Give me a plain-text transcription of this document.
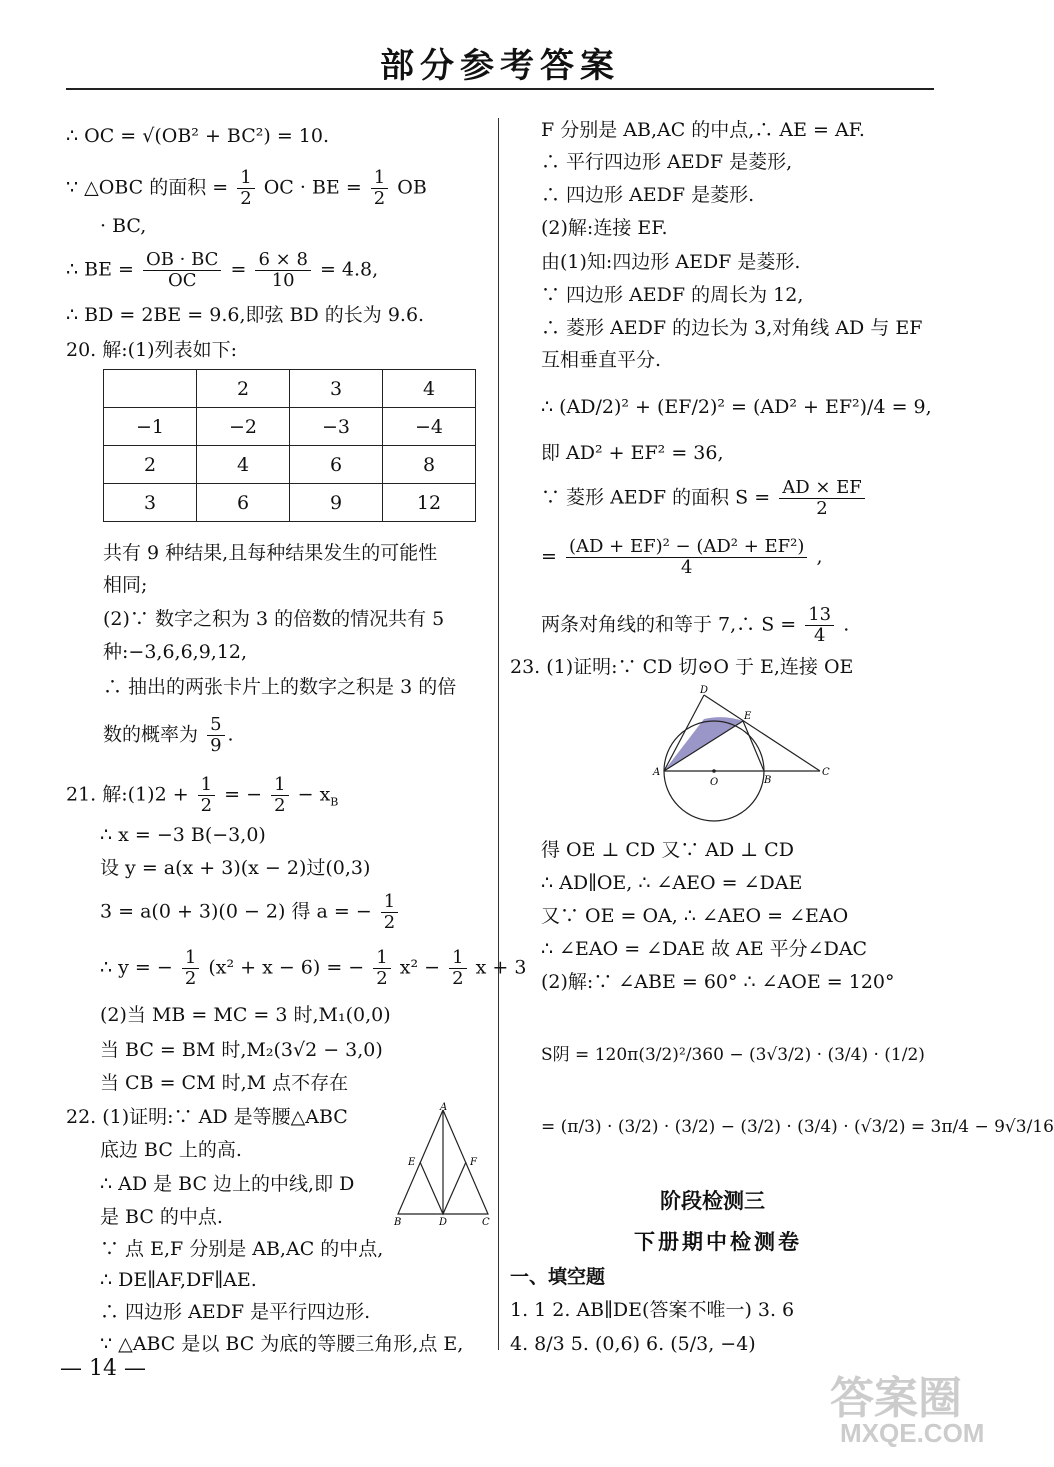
部分参考答案
∴ OC = √(OB² + BC²) = 10.
∵ △OBC 的面积 = $\frac{1}{2}$ OC · BE = $\frac{1}{2}$ OB
· BC,
∴ BE = $\frac{OB \cdot BC}{OC} = \frac{6 \times 8}{10} = 4.8$,
∴ BD = 2BE = 9.6,即弦 BD 的长为 9.6.
20. 解:(1)列表如下:
	2	3	4
−1	−2	−3	−4
2	4	6	8
3	6	9	12
共有 9 种结果,且每种结果发生的可能性
相同;
(2)∵ 数字之积为 3 的倍数的情况共有 5
种:−3,6,6,9,12,
∴ 抽出的两张卡片上的数字之积是 3 的倍
数的概率为 $\frac{5}{9}$ .
21. 解:(1)2 + $\frac{1}{2}$ = − $\frac{1}{2} - x_B$
∴ x = −3 B(−3,0)
设 y = a(x + 3)(x − 2)过(0,3)
3 = a(0 + 3)(0 − 2) 得 a = − $\frac{1}{2}$
∴ y = − $\frac{1}{2} (x^2 + x - 6)$ = − $\frac{1}{2} x^2 - \frac{1}{2}$ x + 3
(2)当 MB = MC = 3 时,M₁(0,0)
当 BC = BM 时,M₂(3√2 − 3,0)
当 CB = CM 时,M 点不存在
22. (1)证明:∵ AD 是等腰△ABC
底边 BC 上的高.
∴ AD 是 BC 边上的中线,即 D
是 BC 的中点.
∵ 点 E,F 分别是 AB,AC 的中点,
∴ DE∥AF,DF∥AE.
∴ 四边形 AEDF 是平行四边形.
∵ △ABC 是以 BC 为底的等腰三角形,点 E,
A
E	F
B	D	C
F 分别是 AB,AC 的中点,∴ AE = AF.
∴ 平行四边形 AEDF 是菱形,
∴ 四边形 AEDF 是菱形.
(2)解:连接 EF.
由(1)知:四边形 AEDF 是菱形.
∵ 四边形 AEDF 的周长为 12,
∴ 菱形 AEDF 的边长为 3,对角线 AD 与 EF
互相垂直平分.
∴ (AD/2)² + (EF/2)² = (AD² + EF²)/4 = 9,
即 AD² + EF² = 36,
∵ 菱形 AEDF 的面积 $S = \frac{AD \times EF}{2}$
= $\frac{\text{(AD + EF)² − (AD² + EF²)}}{4}$ ,
两条对角线的和等于 7,∴ $S = \frac{13}{4}$ .
23. (1)证明:∵ CD 切⊙O 于 E,连接 OE
D
E
A
O	B
C
得 OE ⊥ CD 又∵ AD ⊥ CD
∴ AD∥OE, ∴ ∠AEO = ∠DAE
又∵ OE = OA, ∴ ∠AEO = ∠EAO
∴ ∠EAO = ∠DAE 故 AE 平分∠DAC
(2)解:∵ ∠ABE = 60° ∴ ∠AOE = 120°
S阴 = 120π(3/2)²/360 − (3√3/2) · (3/4) · (1/2)
= (π/3) · (3/2) · (3/2) − (3/2) · (3/4) · (√3/2) = 3π/4 − 9√3/16
阶段检测三
下册期中检测卷
一、填空题
1. 1 2. AB∥DE(答案不唯一) 3. 6
4. 8/3 5. (0,6) 6. (5/3, −4)
— 14 —
答案圈
MXQE.COM
